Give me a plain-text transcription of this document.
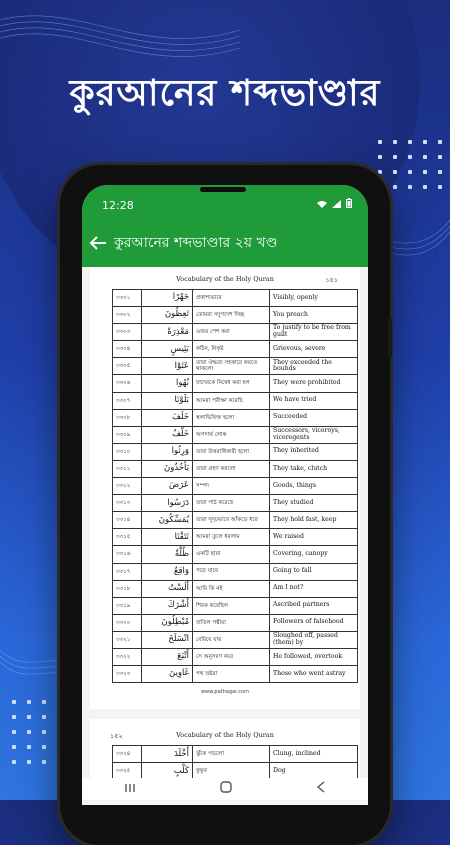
কুরআনের শব্দভাণ্ডার
12:28

কুরআনের শব্দভাণ্ডার ২য় খণ্ড
Vocabulary of the Holy Quran	১৫১
৩৩০১	جَهْرًا	প্রকাশ্যভাবে	Visibly, openly
৩৩০২	تَعِظُونَ	তোমরা সদুপদেশ দিচ্ছ	You preach
৩৩০৩	مَعْذِرَةً	ওজর পেশ করা	To justify to be free from guilt
৩৩০৪	بَئِيسٍ	কঠিন, নিকৃষ্ট	Grievous, severe
৩৩০৫	عَتَوْا	তারা ঔদ্ধত্য সহকারে করতে থাকলো	They exceeded the bounds
৩৩০৬	نُهُوا	যাদেরকে নিষেধ করা হল	They were prohibited
৩৩০৭	بَلَوْنَا	আমরা পরীক্ষা করেছি	We have tried
৩৩০৮	خَلَفَ	স্থলাভিষিক্ত হলো	Succeeded
৩৩০৯	خَلْفٌ	অপদার্থ লোক	Successors, viceroys, viceregents
৩৩১০	وَرِثُوا	তারা উত্তরাধিকারী হলো	They inherited
৩৩১১	يَأْخُذُونَ	তারা গ্রহণ করলো	They take, clutch
৩৩১২	عَرَضَ	সম্পদ	Goods, things
৩৩১৩	دَرَسُوا	তারা পাঠ করেছে	They studied
৩৩১৪	يُمَسِّكُونَ	তারা সুদৃঢ়ভাবে আঁকড়ে ধরে	They hold fast, keep
৩৩১৫	نَتَقْنَا	আমরা তুলে ধরলাম	We raised
৩৩১৬	ظُلَّةٌ	একটি ছায়া	Covering, canopy
৩৩১৭	وَاقِعٌ	পড়ে যাবে	Going to fall
৩৩১৮	أَلَسْتُ	আমি কি নই	Am I not?
৩৩১৯	أَشْرَكَ	শিরক করেছিল	Ascribed partners
৩৩২০	مُبْطِلُونَ	বাতিল পন্থীরা	Followers of falsehood
৩৩২১	انْسَلَخَ	বেরিয়ে যায়	Sloughed off, passed (them) by
৩৩২২	أَتْبَعَ	সে অনুসরণ করে	He followed, overtook
৩৩২৩	غَاوِينَ	পথ ভ্রষ্টরা	Those who went astray
www.pathagar.com
১৫২	Vocabulary of the Holy Quran
৩৩২৪	أَخْلَدَ	ঝুঁকে পড়লো	Clung, inclined
৩৩২৫	كَلْبٍ	কুকুর	Dog
